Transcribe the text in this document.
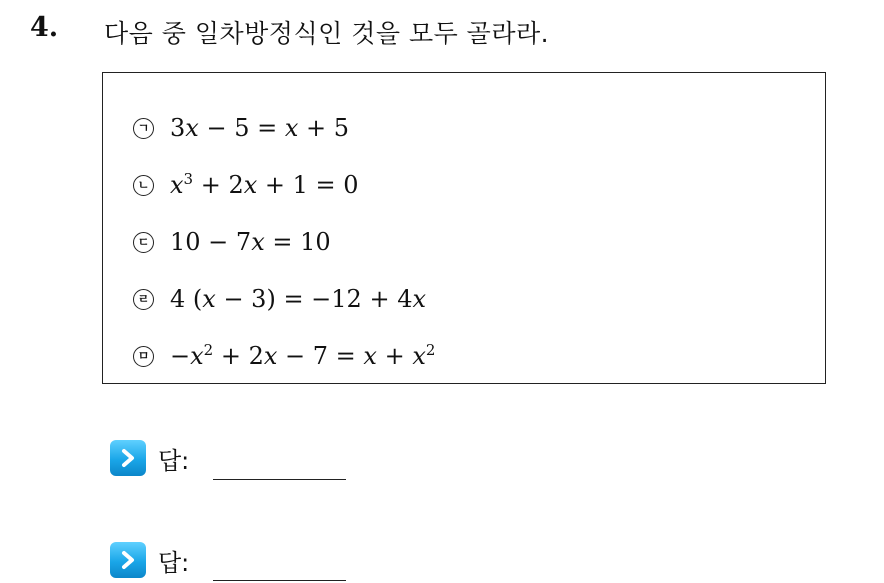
4. 다음 중 일차방정식인 것을 모두 골라라.
ㄱ 3x − 5 = x + 5
ㄴ $x^3 + 2x + 1 = 0$
ㄷ 10 − 7x = 10
ㄹ 4 (x − 3) = −12 + 4x
ㅁ $-x^2 + 2x - 7 = x + x^2$
답:
답:
